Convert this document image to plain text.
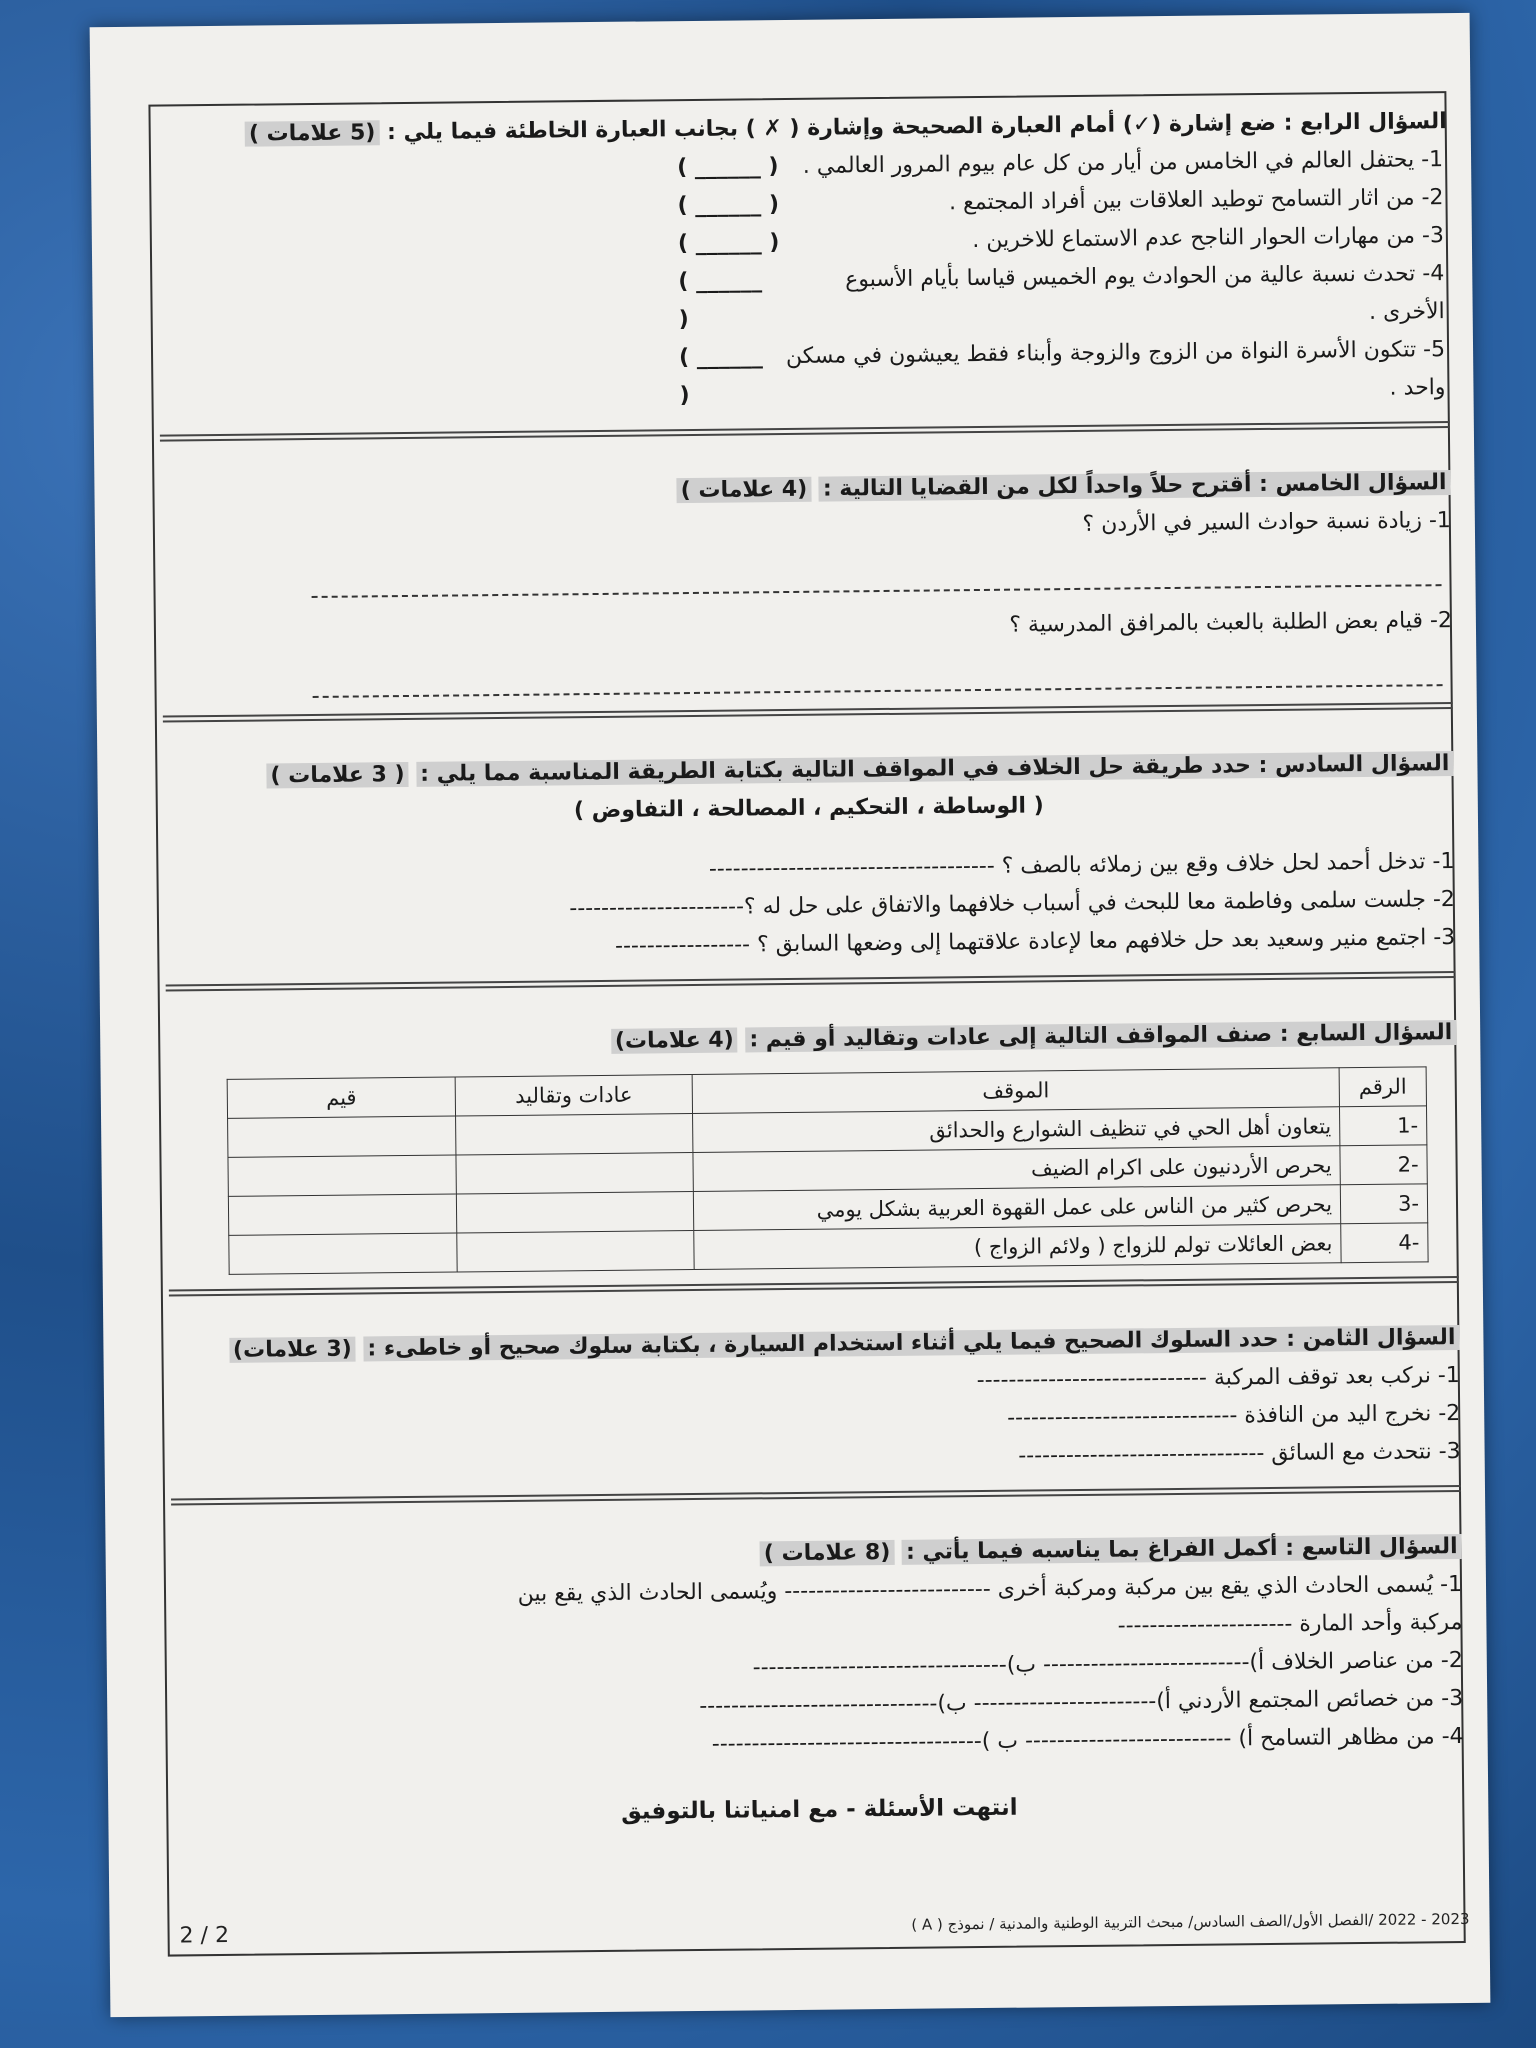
السؤال الرابع : ضع إشارة (✓) أمام العبارة الصحيحة وإشارة ( ✗ ) بجانب العبارة الخاطئة فيما يلي : (5 علامات )

1- يحتفل العالم في الخامس من أيار من كل عام بيوم المرور العالمي .
( ______ )
2- من اثار التسامح توطيد العلاقات بين أفراد المجتمع .
( ______ )
3- من مهارات الحوار الناجح عدم الاستماع للاخرين .
( ______ )
4- تحدث نسبة عالية من الحوادث يوم الخميس قياسا بأيام الأسبوع الأخرى .
( ______ )
5- تتكون الأسرة النواة من الزوج والزوجة وأبناء فقط يعيشون في مسكن واحد .
( ______ )

السؤال الخامس : أقترح حلاً واحداً لكل من القضايا التالية : (4 علامات )

1- زيادة نسبة حوادث السير في الأردن ؟

2- قيام بعض الطلبة بالعبث بالمرافق المدرسية ؟

السؤال السادس : حدد طريقة حل الخلاف في المواقف التالية بكتابة الطريقة المناسبة مما يلي : ( 3 علامات )

( الوساطة ، التحكيم ، المصالحة ، التفاوض )

1- تدخل أحمد لحل خلاف وقع بين زملائه بالصف ؟ ------------------------------------

2- جلست سلمى وفاطمة معا للبحث في أسباب خلافهما والاتفاق على حل له ؟----------------------

3- اجتمع منير وسعيد بعد حل خلافهم معا لإعادة علاقتهما إلى وضعها السابق ؟ -----------------

السؤال السابع : صنف المواقف التالية إلى عادات وتقاليد أو قيم : (4 علامات)

الرقم	الموقف	عادات وتقاليد	قيم
-1	يتعاون أهل الحي في تنظيف الشوارع والحدائق		
-2	يحرص الأردنيون على اكرام الضيف		
-3	يحرص كثير من الناس على عمل القهوة العربية بشكل يومي		
-4	بعض العائلات تولم للزواج ( ولائم الزواج )		

السؤال الثامن : حدد السلوك الصحيح فيما يلي أثناء استخدام السيارة ، بكتابة سلوك صحيح أو خاطىء : (3 علامات)

1- نركب بعد توقف المركبة -----------------------------

2- نخرج اليد من النافذة -----------------------------

3- نتحدث مع السائق -------------------------------

السؤال التاسع : أكمل الفراغ بما يناسبه فيما يأتي : (8 علامات )

1- يُسمى الحادث الذي يقع بين مركبة ومركبة أخرى -------------------------- ويُسمى الحادث الذي يقع بين

مركبة وأحد المارة ----------------------

2- من عناصر الخلاف أ)-------------------------- ب)--------------------------------

3- من خصائص المجتمع الأردني أ)----------------------- ب)------------------------------

4- من مظاهر التسامح أ) -------------------------- ب )----------------------------------

انتهت الأسئلة - مع امنياتنا بالتوفيق

2023 - 2022 /الفصل الأول/الصف السادس/ مبحث التربية الوطنية والمدنية / نموذج ( A )
2 / 2
